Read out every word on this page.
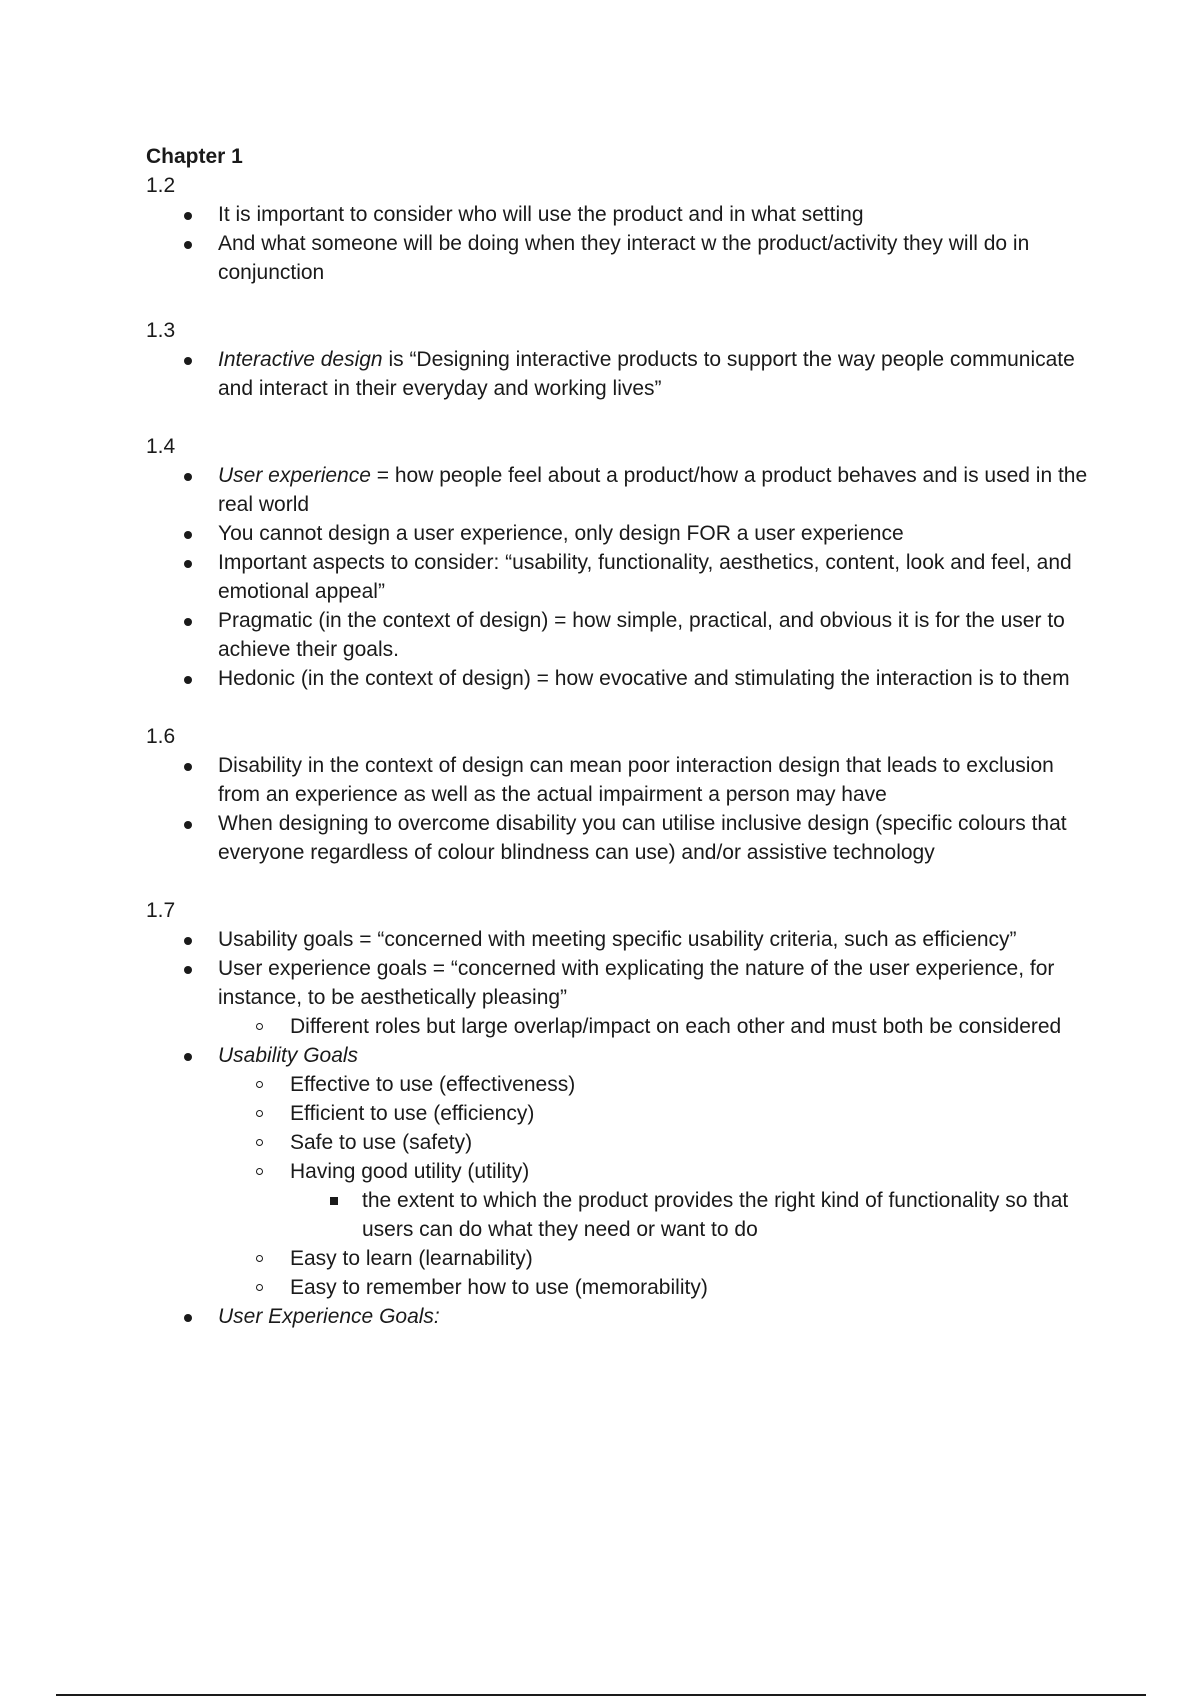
Chapter 1

1.2

It is important to consider who will use the product and in what setting
And what someone will be doing when they interact w the product/activity they will do in conjunction

1.3

Interactive design is “Designing interactive products to support the way people communicate and interact in their everyday and working lives”

1.4

User experience = how people feel about a product/how a product behaves and is used in the real world
You cannot design a user experience, only design FOR a user experience
Important aspects to consider: “usability, functionality, aesthetics, content, look and feel, and emotional appeal”
Pragmatic (in the context of design) = how simple, practical, and obvious it is for the user to achieve their goals.
Hedonic (in the context of design) = how evocative and stimulating the interaction is to them

1.6

Disability in the context of design can mean poor interaction design that leads to exclusion from an experience as well as the actual impairment a person may have
When designing to overcome disability you can utilise inclusive design (specific colours that everyone regardless of colour blindness can use) and/or assistive technology

1.7

Usability goals = “concerned with meeting specific usability criteria, such as efficiency”
User experience goals = “concerned with explicating the nature of the user experience, for instance, to be aesthetically pleasing”
Different roles but large overlap/impact on each other and must both be considered
Usability Goals
Effective to use (effectiveness)
Efficient to use (efficiency)
Safe to use (safety)
Having good utility (utility)
the extent to which the product provides the right kind of functionality so that users can do what they need or want to do
Easy to learn (learnability)
Easy to remember how to use (memorability)
User Experience Goals:
